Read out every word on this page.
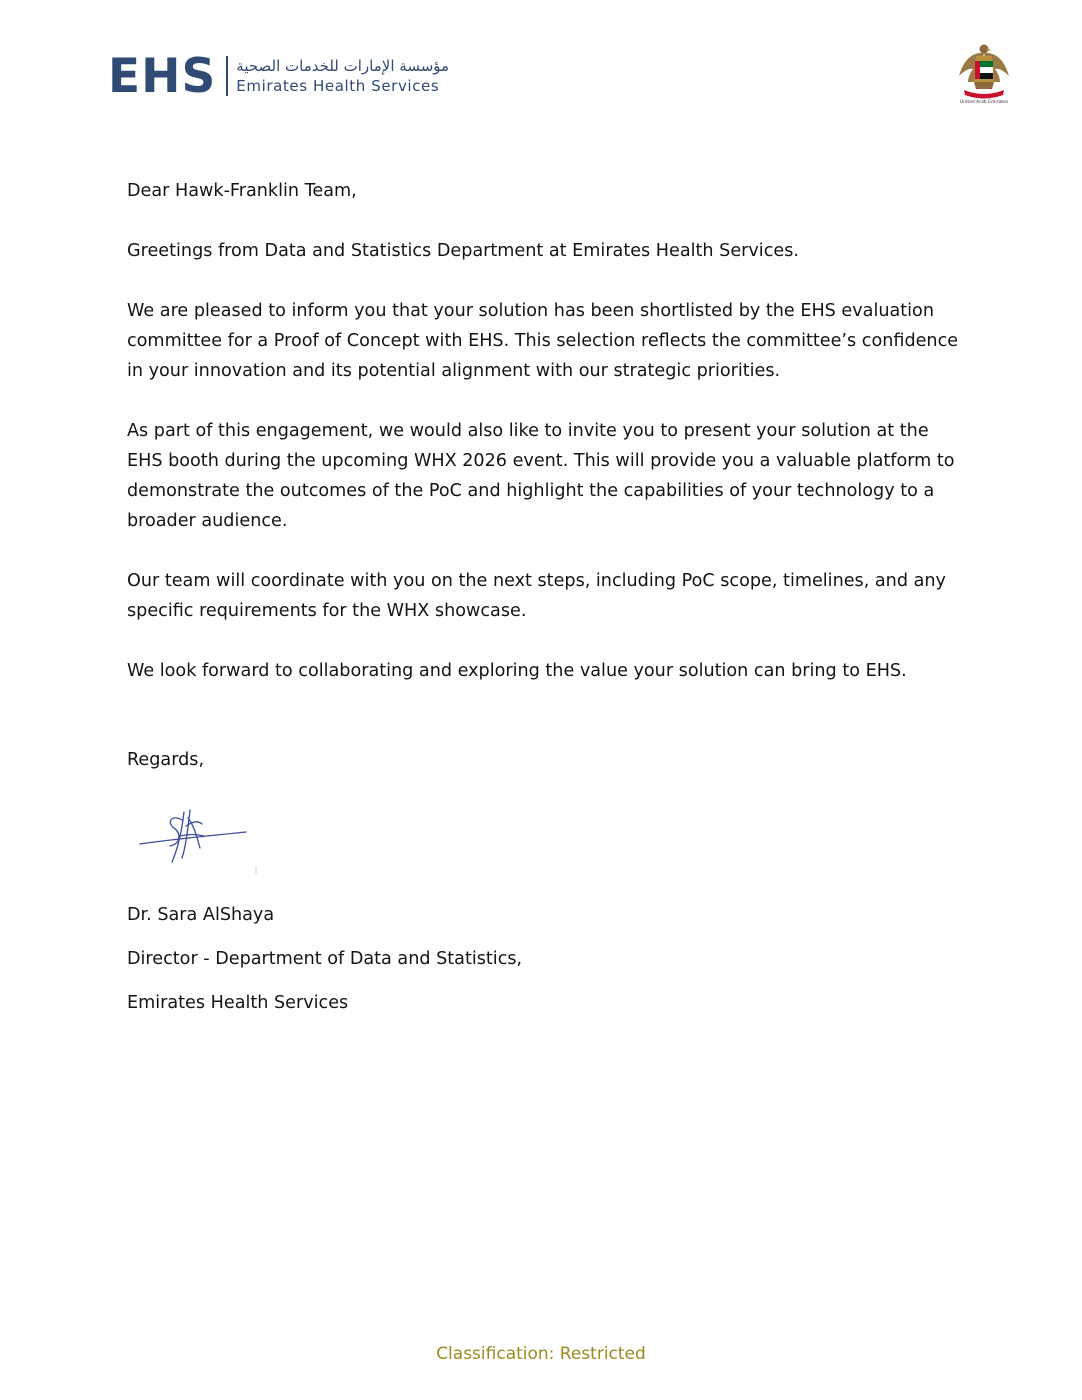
EHS مؤسسة الإمارات للخدمات الصحية
Emirates Health Services
United Arab Emirates

Dear Hawk-Franklin Team,

Greetings from Data and Statistics Department at Emirates Health Services.

We are pleased to inform you that your solution has been shortlisted by the EHS evaluation committee for a Proof of Concept with EHS. This selection reflects the committee’s confidence in your innovation and its potential alignment with our strategic priorities.

As part of this engagement, we would also like to invite you to present your solution at the EHS booth during the upcoming WHX 2026 event. This will provide you a valuable platform to demonstrate the outcomes of the PoC and highlight the capabilities of your technology to a broader audience.

Our team will coordinate with you on the next steps, including PoC scope, timelines, and any specific requirements for the WHX showcase.

We look forward to collaborating and exploring the value your solution can bring to EHS.

Regards,
Dr. Sara AlShaya
Director - Department of Data and Statistics,
Emirates Health Services
Classification: Restricted
